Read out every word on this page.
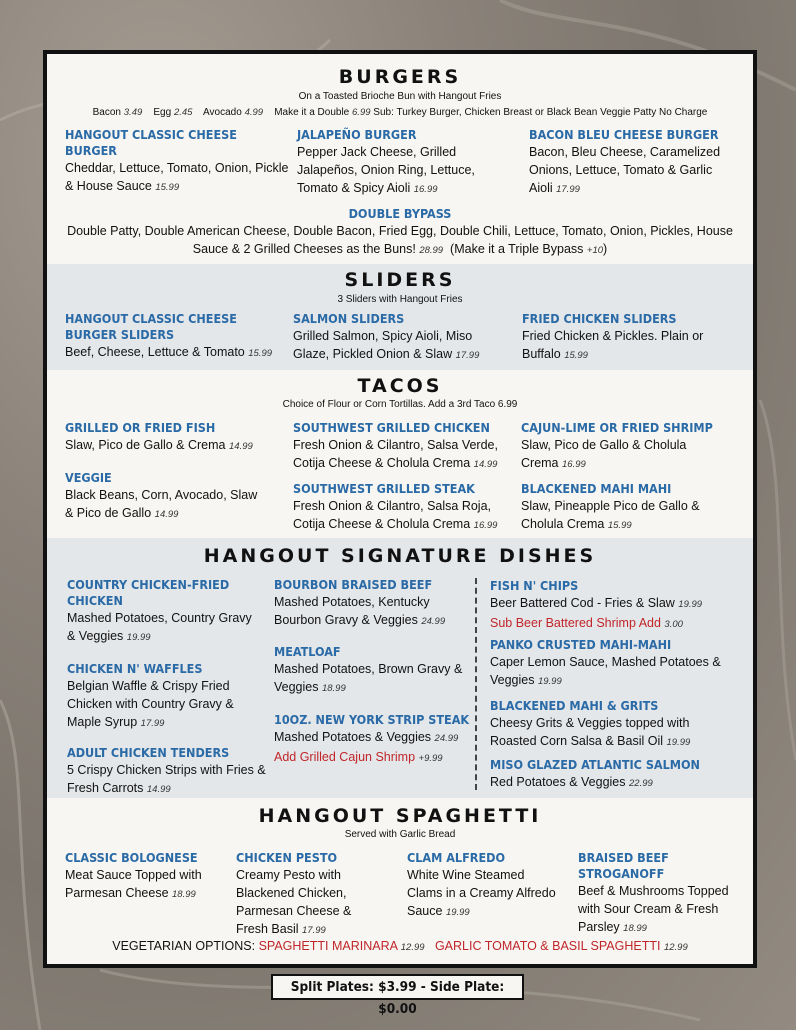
BURGERS
On a Toasted Brioche Bun with Hangout Fries
Bacon 3.49 Egg 2.45 Avocado 4.99 Make it a Double 6.99 Sub: Turkey Burger, Chicken Breast or Black Bean Veggie Patty No Charge
HANGOUT CLASSIC CHEESE BURGER
Cheddar, Lettuce, Tomato, Onion, Pickle & House Sauce 15.99
JALAPEÑO BURGER
Pepper Jack Cheese, Grilled Jalapeños, Onion Ring, Lettuce, Tomato & Spicy Aioli 16.99
BACON BLEU CHEESE BURGER
Bacon, Bleu Cheese, Caramelized Onions, Lettuce, Tomato & Garlic Aioli 17.99
DOUBLE BYPASS
Double Patty, Double American Cheese, Double Bacon, Fried Egg, Double Chili, Lettuce, Tomato, Onion, Pickles, House Sauce & 2 Grilled Cheeses as the Buns! 28.99 (Make it a Triple Bypass +10)
SLIDERS
3 Sliders with Hangout Fries
HANGOUT CLASSIC CHEESE BURGER SLIDERS
Beef, Cheese, Lettuce & Tomato 15.99
SALMON SLIDERS
Grilled Salmon, Spicy Aioli, Miso Glaze, Pickled Onion & Slaw 17.99
FRIED CHICKEN SLIDERS
Fried Chicken & Pickles. Plain or Buffalo 15.99
TACOS
Choice of Flour or Corn Tortillas. Add a 3rd Taco 6.99
GRILLED OR FRIED FISH
Slaw, Pico de Gallo & Crema 14.99
VEGGIE
Black Beans, Corn, Avocado, Slaw & Pico de Gallo 14.99
SOUTHWEST GRILLED CHICKEN
Fresh Onion & Cilantro, Salsa Verde, Cotija Cheese & Cholula Crema 14.99
SOUTHWEST GRILLED STEAK
Fresh Onion & Cilantro, Salsa Roja, Cotija Cheese & Cholula Crema 16.99
CAJUN-LIME OR FRIED SHRIMP
Slaw, Pico de Gallo & Cholula Crema 16.99
BLACKENED MAHI MAHI
Slaw, Pineapple Pico de Gallo & Cholula Crema 15.99
HANGOUT SIGNATURE DISHES
COUNTRY CHICKEN-FRIED CHICKEN
Mashed Potatoes, Country Gravy & Veggies 19.99
CHICKEN N' WAFFLES
Belgian Waffle & Crispy Fried Chicken with Country Gravy & Maple Syrup 17.99
ADULT CHICKEN TENDERS
5 Crispy Chicken Strips with Fries & Fresh Carrots 14.99
BOURBON BRAISED BEEF
Mashed Potatoes, Kentucky Bourbon Gravy & Veggies 24.99
MEATLOAF
Mashed Potatoes, Brown Gravy & Veggies 18.99
10OZ. NEW YORK STRIP STEAK
Mashed Potatoes & Veggies 24.99
Add Grilled Cajun Shrimp +9.99
FISH N' CHIPS
Beer Battered Cod - Fries & Slaw 19.99
Sub Beer Battered Shrimp Add 3.00
PANKO CRUSTED MAHI-MAHI
Caper Lemon Sauce, Mashed Potatoes & Veggies 19.99
BLACKENED MAHI & GRITS
Cheesy Grits & Veggies topped with Roasted Corn Salsa & Basil Oil 19.99
MISO GLAZED ATLANTIC SALMON
Red Potatoes & Veggies 22.99
HANGOUT SPAGHETTI
Served with Garlic Bread
CLASSIC BOLOGNESE
Meat Sauce Topped with Parmesan Cheese 18.99
CHICKEN PESTO
Creamy Pesto with Blackened Chicken, Parmesan Cheese & Fresh Basil 17.99
CLAM ALFREDO
White Wine Steamed Clams in a Creamy Alfredo Sauce 19.99
BRAISED BEEF STROGANOFF
Beef & Mushrooms Topped with Sour Cream & Fresh Parsley 18.99
VEGETARIAN OPTIONS: SPAGHETTI MARINARA 12.99 GARLIC TOMATO & BASIL SPAGHETTI 12.99
Split Plates: $3.99 - Side Plate: $0.00
